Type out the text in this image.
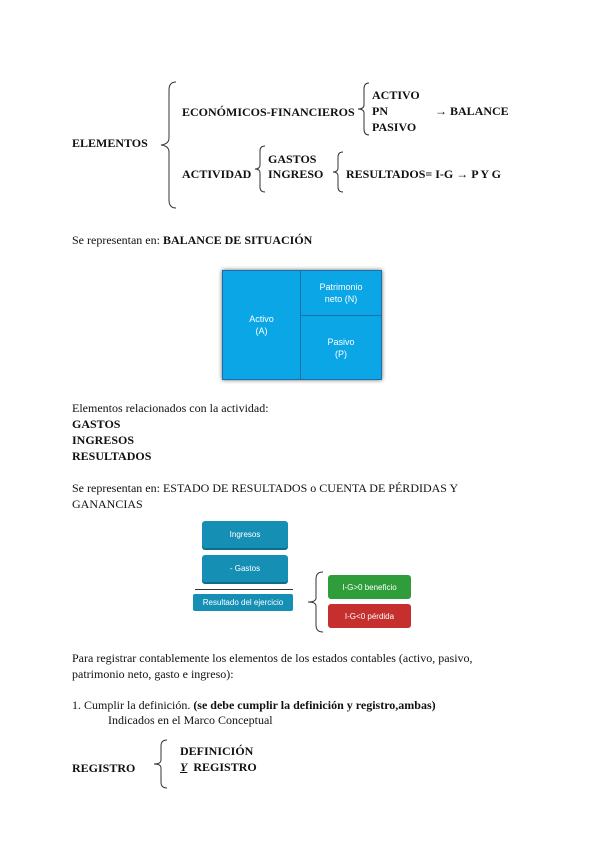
ELEMENTOS
ECONÓMICOS-FINANCIEROS
ACTIVO
PN
PASIVO
→ BALANCE
ACTIVIDAD
GASTOS
INGRESO RESULTADOS= I-G → P Y G
Se representan en: BALANCE DE SITUACIÓN
Activo
(A)
Patrimonio
neto (N)
Pasivo
(P)
Elementos relacionados con la actividad:
GASTOS
INGRESOS
RESULTADOS
Se representan en: ESTADO DE RESULTADOS o CUENTA DE PÉRDIDAS Y
GANANCIAS
Ingresos
- Gastos
Resultado del ejercicio
I-G>0 beneficio
I-G<0 pérdida
Para registrar contablemente los elementos de los estados contables (activo, pasivo,
patrimonio neto, gasto e ingreso):
1. Cumplir la definición. (se debe cumplir la definición y registro,ambas)
Indicados en el Marco Conceptual
REGISTRO
DEFINICIÓN
Y REGISTRO
